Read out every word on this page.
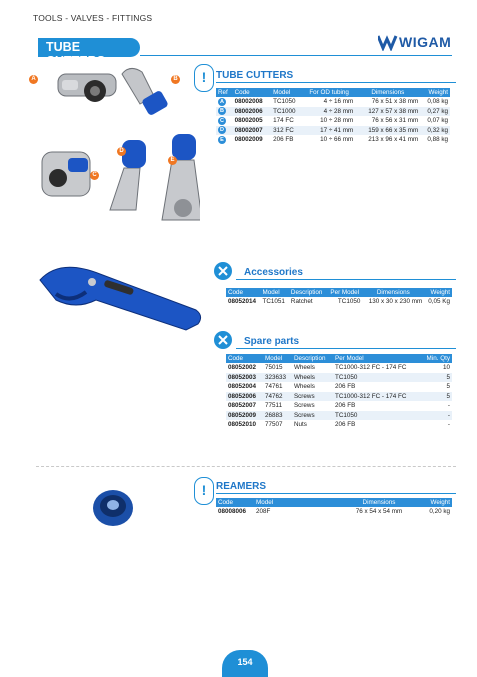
TOOLS - VALVES - FITTINGS
TUBE CUTTERS
WIGAM
A	B
C
D
E
! TUBE CUTTERS
Ref	Code	Model	For OD tubing	Dimensions	Weight
A	08002008	TC1050	4 ÷ 16 mm	76 x 51 x 38 mm	0,08 kg
B	08002006	TC1000	4 ÷ 28 mm	127 x 57 x 38 mm	0,27 kg
C	08002005	174 FC	10 ÷ 28 mm	76 x 56 x 31 mm	0,07 kg
D	08002007	312 FC	17 ÷ 41 mm	159 x 66 x 35 mm	0,32 kg
E	08002009	206 FB	10 ÷ 66 mm	213 x 96 x 41 mm	0,88 kg
Accessories
Code	Model	Description	Per Model	Dimensions	Weight
08052014	TC1051	Ratchet	TC1050	130 x 30 x 230 mm	0,05 Kg
Spare parts
Code	Model	Description	Per Model	Min. Qty
08052002	75015	Wheels	TC1000-312 FC - 174 FC	10
08052003	323633	Wheels	TC1050	5
08052004	74761	Wheels	206 FB	5
08052006	74762	Screws	TC1000-312 FC - 174 FC	5
08052007	77511	Screws	206 FB	-
08052009	26883	Screws	TC1050	-
08052010	77507	Nuts	206 FB	-
! REAMERS
Code	Model	Dimensions	Weight
08008006	208F	76 x 54 x 54 mm	0,20 kg
154
